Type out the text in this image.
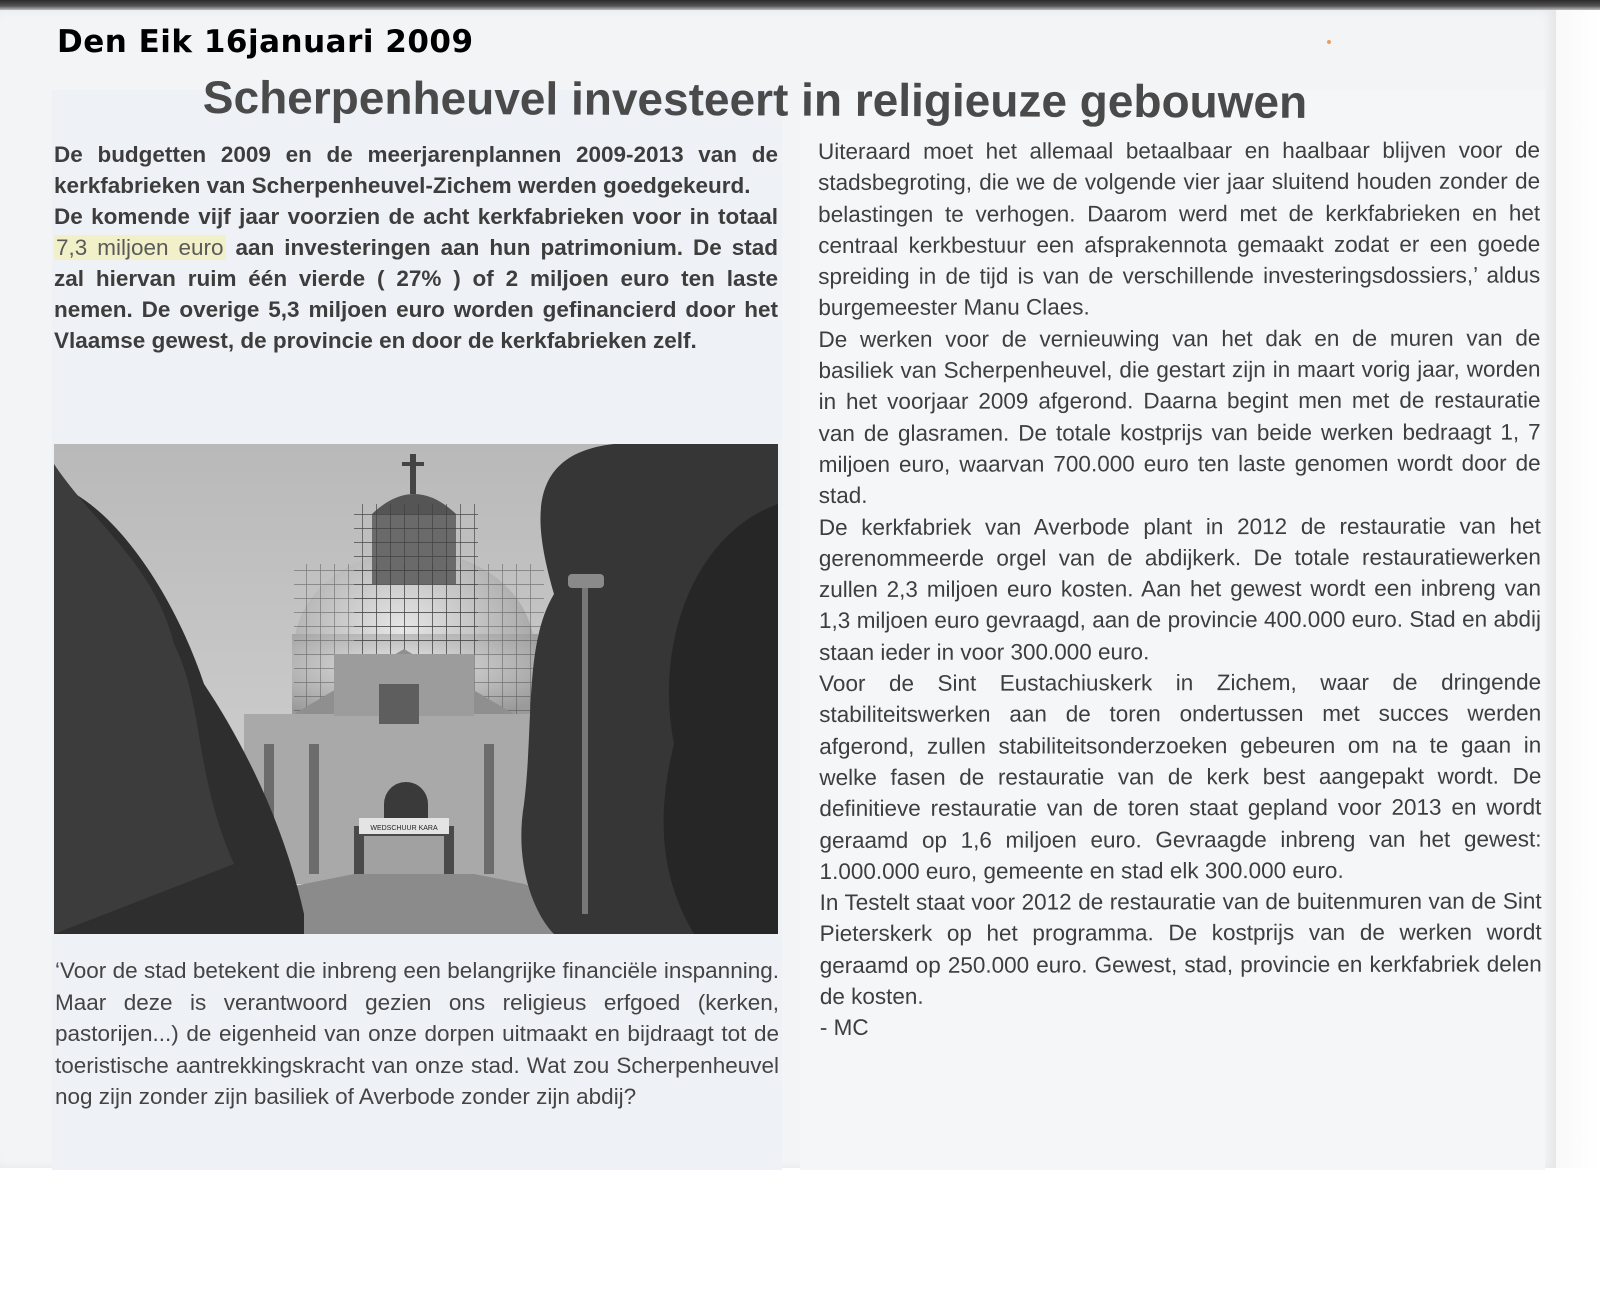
Den Eik 16januari 2009
Scherpenheuvel investeert in religieuze gebouwen

De budgetten 2009 en de meerjarenplannen 2009-2013 van de kerkfabrieken van Scherpenheuvel-Zichem werden goedgekeurd.

De komende vijf jaar voorzien de acht kerkfabrieken voor in totaal 7,3 miljoen euro aan investeringen aan hun patrimonium. De stad zal hiervan ruim één vierde ( 27% ) of 2 miljoen euro ten laste nemen. De overige 5,3 miljoen euro worden gefinancierd door het Vlaamse gewest, de provincie en door de kerkfabrieken zelf.

WEDSCHUUR KARA

‘Voor de stad betekent die inbreng een belangrijke financiële inspanning. Maar deze is verantwoord gezien ons religieus erfgoed (kerken, pastorijen...) de eigenheid van onze dorpen uitmaakt en bijdraagt tot de toeristische aantrekkingskracht van onze stad. Wat zou Scherpenheuvel nog zijn zonder zijn basiliek of Averbode zonder zijn abdij?

Uiteraard moet het allemaal betaalbaar en haalbaar blijven voor de stadsbegroting, die we de volgende vier jaar sluitend houden zonder de belastingen te verhogen. Daarom werd met de kerkfabrieken en het centraal kerkbestuur een afsprakennota gemaakt zodat er een goede spreiding in de tijd is van de verschillende investeringsdossiers,’ aldus burgemeester Manu Claes.

De werken voor de vernieuwing van het dak en de muren van de basiliek van Scherpenheuvel, die gestart zijn in maart vorig jaar, worden in het voorjaar 2009 afgerond. Daarna begint men met de restauratie van de glasramen. De totale kostprijs van beide werken bedraagt 1, 7 miljoen euro, waarvan 700.000 euro ten laste genomen wordt door de stad.

De kerkfabriek van Averbode plant in 2012 de restauratie van het gerenommeerde orgel van de abdijkerk. De totale restauratiewerken zullen 2,3 miljoen euro kosten. Aan het gewest wordt een inbreng van 1,3 miljoen euro gevraagd, aan de provincie 400.000 euro. Stad en abdij staan ieder in voor 300.000 euro.

Voor de Sint Eustachiuskerk in Zichem, waar de dringende stabiliteitswerken aan de toren ondertussen met succes werden afgerond, zullen stabiliteitsonderzoeken gebeuren om na te gaan in welke fasen de restauratie van de kerk best aangepakt wordt. De definitieve restauratie van de toren staat gepland voor 2013 en wordt geraamd op 1,6 miljoen euro. Gevraagde inbreng van het gewest: 1.000.000 euro, gemeente en stad elk 300.000 euro.

In Testelt staat voor 2012 de restauratie van de buitenmuren van de Sint Pieterskerk op het programma. De kostprijs van de werken wordt geraamd op 250.000 euro. Gewest, stad, provincie en kerkfabriek delen de kosten.

- MC
